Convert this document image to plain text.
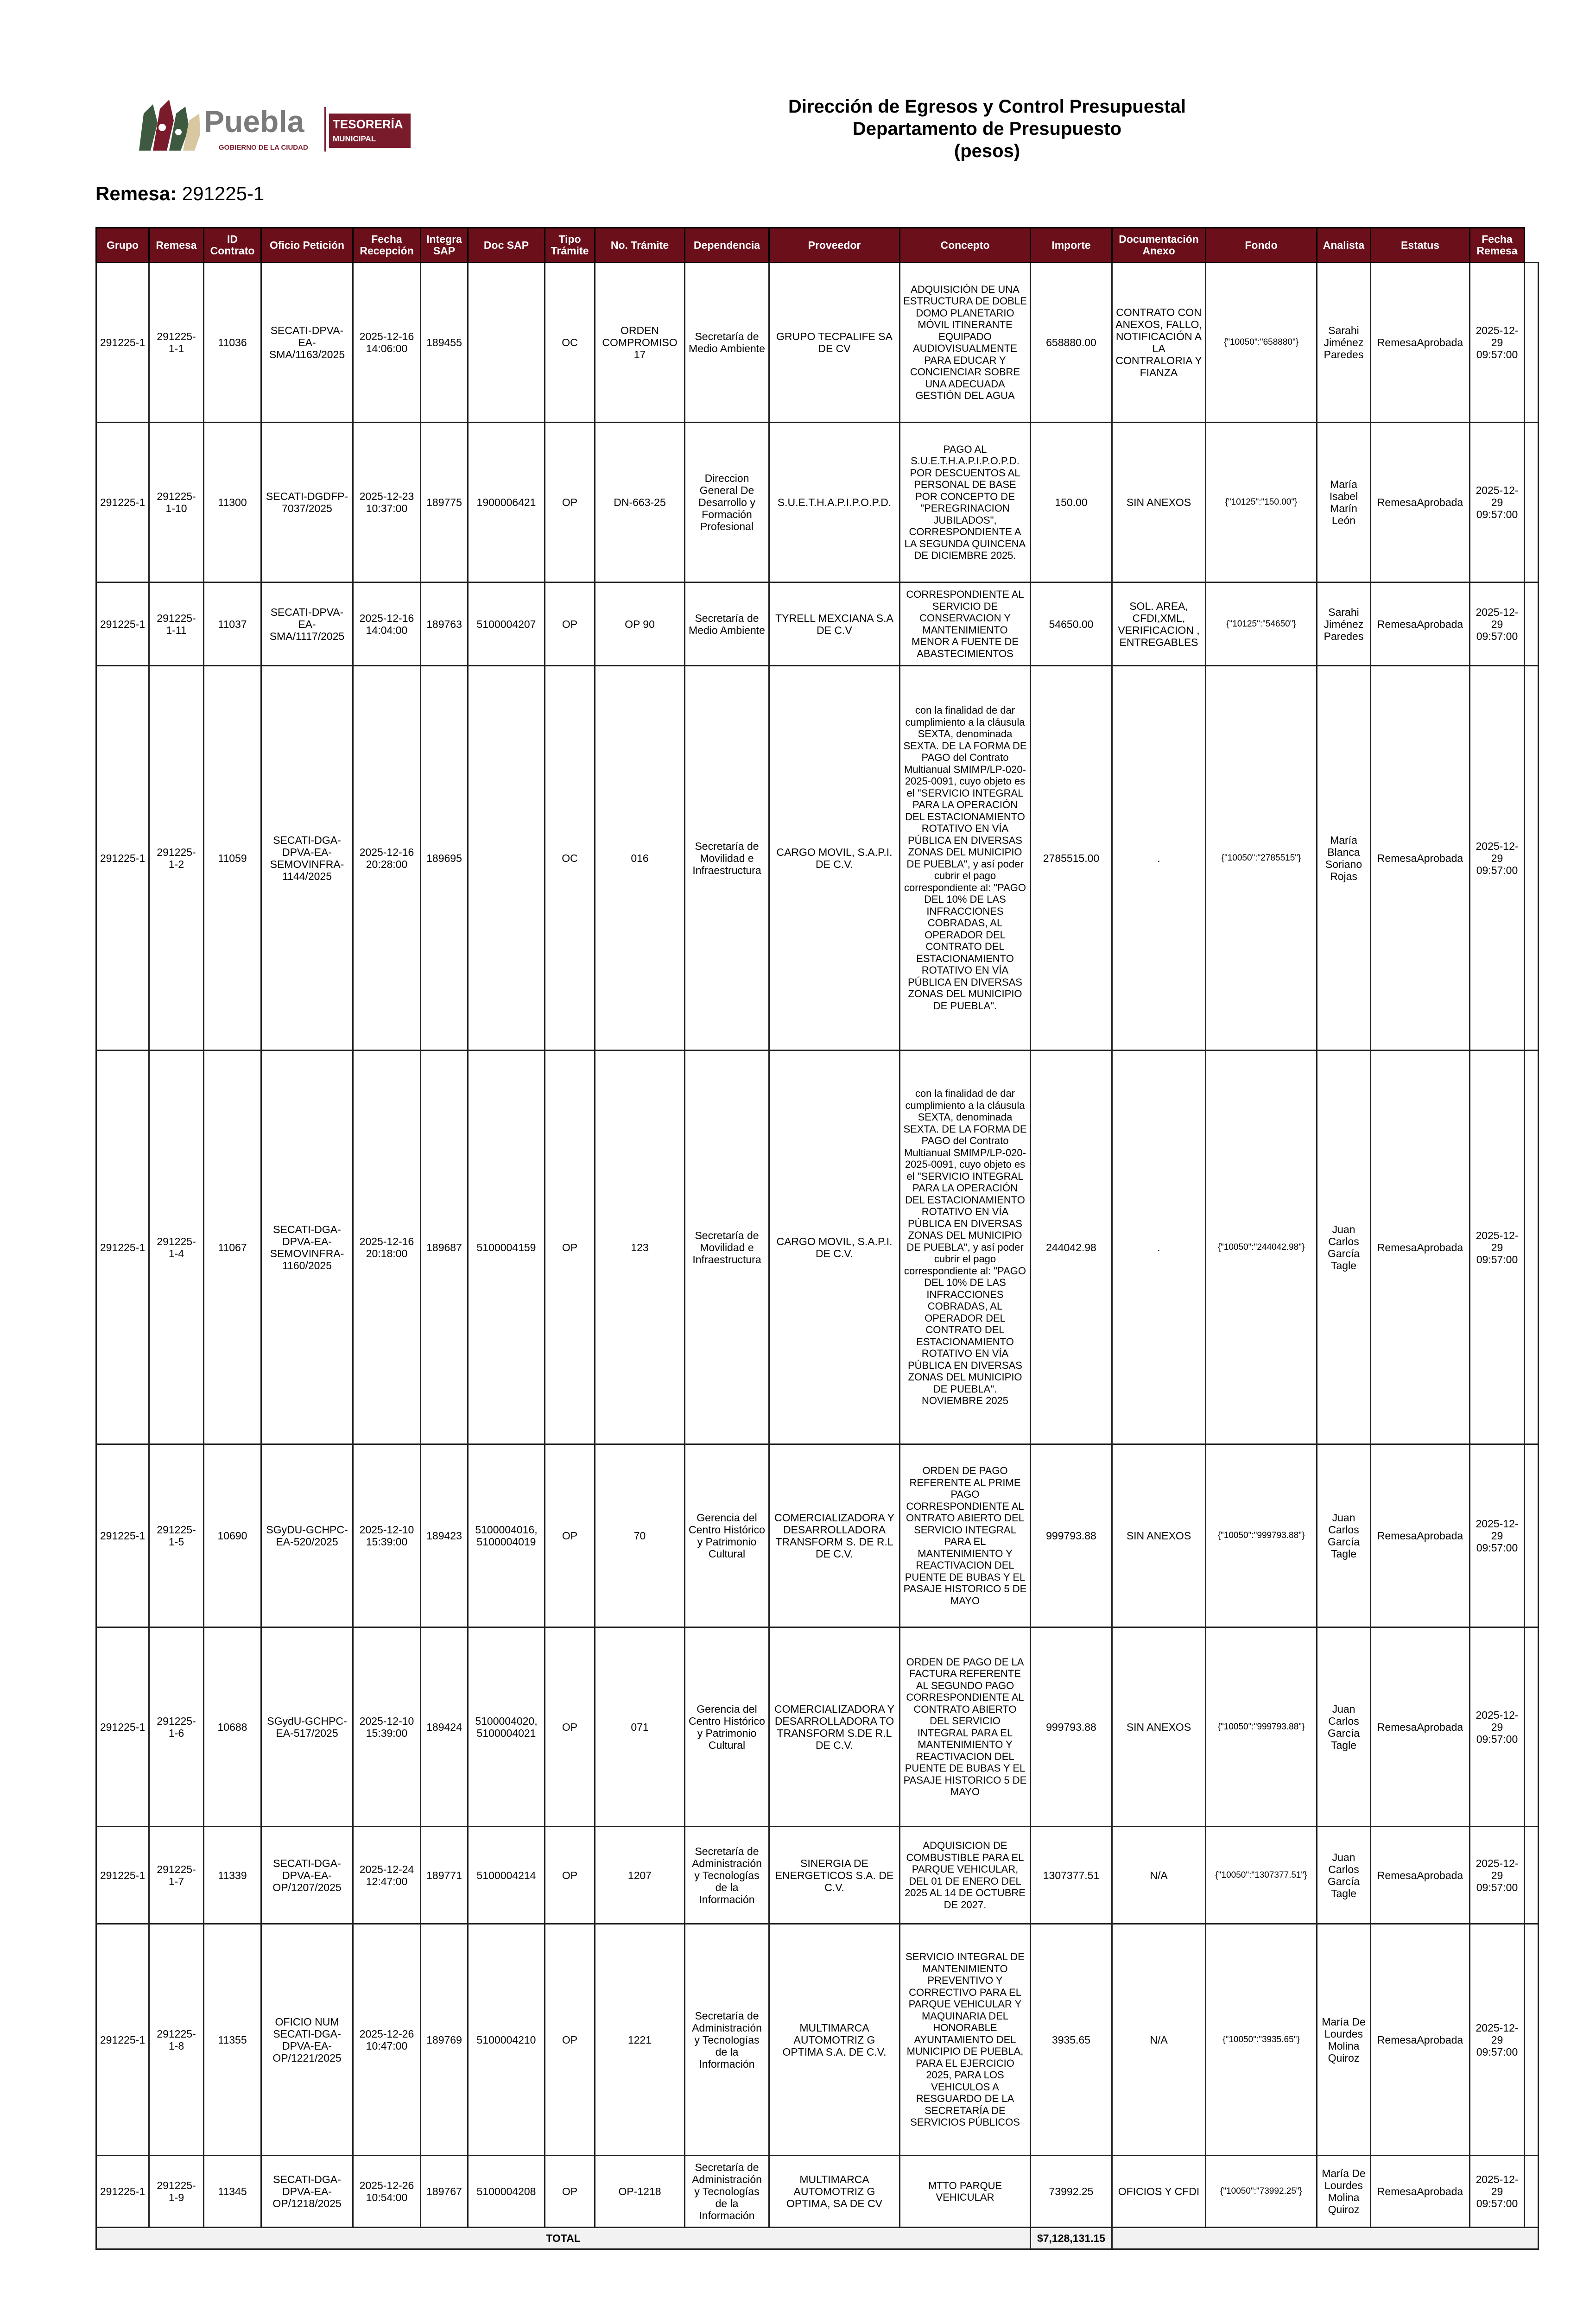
Puebla
GOBIERNO DE LA CIUDAD
TESORERÍA
MUNICIPAL
Dirección de Egresos y Control Presupuestal
Departamento de Presupuesto
(pesos)
Remesa: 291225-1
Grupo	Remesa	ID Contrato	Oficio Petición	Fecha Recepción	Integra SAP	Doc SAP	Tipo Trámite	No. Trámite	Dependencia	Proveedor	Concepto	Importe	Documentación Anexo	Fondo	Analista	Estatus	Fecha Remesa	
291225-1	291225-1-1	11036	SECATI-DPVA-EA-SMA/1163/2025	2025-12-16 14:06:00	189455		OC	ORDEN COMPROMISO 17	Secretaría de Medio Ambiente	GRUPO TECPALIFE SA DE CV	ADQUISICIÓN DE UNA ESTRUCTURA DE DOBLE DOMO PLANETARIO MÓVIL ITINERANTE EQUIPADO AUDIOVISUALMENTE PARA EDUCAR Y CONCIENCIAR SOBRE UNA ADECUADA GESTIÓN DEL AGUA	658880.00	CONTRATO CON ANEXOS, FALLO, NOTIFICACIÓN A LA CONTRALORIA Y FIANZA	{"10050":"658880"}	Sarahi Jiménez Paredes	RemesaAprobada	2025-12-29 09:57:00	
291225-1	291225-1-10	11300	SECATI-DGDFP-7037/2025	2025-12-23 10:37:00	189775	1900006421	OP	DN-663-25	Direccion General De Desarrollo y Formación Profesional	S.U.E.T.H.A.P.I.P.O.P.D.	PAGO AL S.U.E.T.H.A.P.I.P.O.P.D. POR DESCUENTOS AL PERSONAL DE BASE POR CONCEPTO DE "PEREGRINACION JUBILADOS", CORRESPONDIENTE A LA SEGUNDA QUINCENA DE DICIEMBRE 2025.	150.00	SIN ANEXOS	{"10125":"150.00"}	María Isabel Marín León	RemesaAprobada	2025-12-29 09:57:00	
291225-1	291225-1-11	11037	SECATI-DPVA-EA-SMA/1117/2025	2025-12-16 14:04:00	189763	5100004207	OP	OP 90	Secretaría de Medio Ambiente	TYRELL MEXCIANA S.A DE C.V	CORRESPONDIENTE AL SERVICIO DE CONSERVACION Y MANTENIMIENTO MENOR A FUENTE DE ABASTECIMIENTOS	54650.00	SOL. AREA, CFDI,XML, VERIFICACION , ENTREGABLES	{"10125":"54650"}	Sarahi Jiménez Paredes	RemesaAprobada	2025-12-29 09:57:00	
291225-1	291225-1-2	11059	SECATI-DGA-DPVA-EA-SEMOVINFRA-1144/2025	2025-12-16 20:28:00	189695		OC	016	Secretaría de Movilidad e Infraestructura	CARGO MOVIL, S.A.P.I. DE C.V.	con la finalidad de dar cumplimiento a la cláusula SEXTA, denominada SEXTA. DE LA FORMA DE PAGO del Contrato Multianual SMIMP/LP-020-2025-0091, cuyo objeto es el "SERVICIO INTEGRAL PARA LA OPERACIÓN DEL ESTACIONAMIENTO ROTATIVO EN VÍA PÚBLICA EN DIVERSAS ZONAS DEL MUNICIPIO DE PUEBLA", y así poder cubrir el pago correspondiente al: "PAGO DEL 10% DE LAS INFRACCIONES COBRADAS, AL OPERADOR DEL CONTRATO DEL ESTACIONAMIENTO ROTATIVO EN VÍA PÚBLICA EN DIVERSAS ZONAS DEL MUNICIPIO DE PUEBLA".	2785515.00	.	{"10050":"2785515"}	María Blanca Soriano Rojas	RemesaAprobada	2025-12-29 09:57:00	
291225-1	291225-1-4	11067	SECATI-DGA-DPVA-EA-SEMOVINFRA-1160/2025	2025-12-16 20:18:00	189687	5100004159	OP	123	Secretaría de Movilidad e Infraestructura	CARGO MOVIL, S.A.P.I. DE C.V.	con la finalidad de dar cumplimiento a la cláusula SEXTA, denominada SEXTA. DE LA FORMA DE PAGO del Contrato Multianual SMIMP/LP-020-2025-0091, cuyo objeto es el "SERVICIO INTEGRAL PARA LA OPERACIÓN DEL ESTACIONAMIENTO ROTATIVO EN VÍA PÚBLICA EN DIVERSAS ZONAS DEL MUNICIPIO DE PUEBLA", y así poder cubrir el pago correspondiente al: "PAGO DEL 10% DE LAS INFRACCIONES COBRADAS, AL OPERADOR DEL CONTRATO DEL ESTACIONAMIENTO ROTATIVO EN VÍA PÚBLICA EN DIVERSAS ZONAS DEL MUNICIPIO DE PUEBLA". NOVIEMBRE 2025	244042.98	.	{"10050":"244042.98"}	Juan Carlos García Tagle	RemesaAprobada	2025-12-29 09:57:00	
291225-1	291225-1-5	10690	SGyDU-GCHPC-EA-520/2025	2025-12-10 15:39:00	189423	5100004016, 5100004019	OP	70	Gerencia del Centro Histórico y Patrimonio Cultural	COMERCIALIZADORA Y DESARROLLADORA TRANSFORM S. DE R.L DE C.V.	ORDEN DE PAGO REFERENTE AL PRIME PAGO CORRESPONDIENTE AL ONTRATO ABIERTO DEL SERVICIO INTEGRAL PARA EL MANTENIMIENTO Y REACTIVACION DEL PUENTE DE BUBAS Y EL PASAJE HISTORICO 5 DE MAYO	999793.88	SIN ANEXOS	{"10050":"999793.88"}	Juan Carlos García Tagle	RemesaAprobada	2025-12-29 09:57:00	
291225-1	291225-1-6	10688	SGydU-GCHPC-EA-517/2025	2025-12-10 15:39:00	189424	5100004020, 5100004021	OP	071	Gerencia del Centro Histórico y Patrimonio Cultural	COMERCIALIZADORA Y DESARROLLADORA TO TRANSFORM S.DE R.L DE C.V.	ORDEN DE PAGO DE LA FACTURA REFERENTE AL SEGUNDO PAGO CORRESPONDIENTE AL CONTRATO ABIERTO DEL SERVICIO INTEGRAL PARA EL MANTENIMIENTO Y REACTIVACION DEL PUENTE DE BUBAS Y EL PASAJE HISTORICO 5 DE MAYO	999793.88	SIN ANEXOS	{"10050":"999793.88"}	Juan Carlos García Tagle	RemesaAprobada	2025-12-29 09:57:00	
291225-1	291225-1-7	11339	SECATI-DGA-DPVA-EA-OP/1207/2025	2025-12-24 12:47:00	189771	5100004214	OP	1207	Secretaría de Administración y Tecnologías de la Información	SINERGIA DE ENERGETICOS S.A. DE C.V.	ADQUISICION DE COMBUSTIBLE PARA EL PARQUE VEHICULAR, DEL 01 DE ENERO DEL 2025 AL 14 DE OCTUBRE DE 2027.	1307377.51	N/A	{"10050":"1307377.51"}	Juan Carlos García Tagle	RemesaAprobada	2025-12-29 09:57:00	
291225-1	291225-1-8	11355	OFICIO NUM SECATI-DGA-DPVA-EA-OP/1221/2025	2025-12-26 10:47:00	189769	5100004210	OP	1221	Secretaría de Administración y Tecnologías de la Información	MULTIMARCA AUTOMOTRIZ G OPTIMA S.A. DE C.V.	SERVICIO INTEGRAL DE MANTENIMIENTO PREVENTIVO Y CORRECTIVO PARA EL PARQUE VEHICULAR Y MAQUINARIA DEL HONORABLE AYUNTAMIENTO DEL MUNICIPIO DE PUEBLA, PARA EL EJERCICIO 2025, PARA LOS VEHICULOS A RESGUARDO DE LA SECRETARÍA DE SERVICIOS PÚBLICOS	3935.65	N/A	{"10050":"3935.65"}	María De Lourdes Molina Quiroz	RemesaAprobada	2025-12-29 09:57:00	
291225-1	291225-1-9	11345	SECATI-DGA-DPVA-EA-OP/1218/2025	2025-12-26 10:54:00	189767	5100004208	OP	OP-1218	Secretaría de Administración y Tecnologías de la Información	MULTIMARCA AUTOMOTRIZ G OPTIMA, SA DE CV	MTTO PARQUE VEHICULAR	73992.25	OFICIOS Y CFDI	{"10050":"73992.25"}	María De Lourdes Molina Quiroz	RemesaAprobada	2025-12-29 09:57:00	
TOTAL												$7,128,131.15						
